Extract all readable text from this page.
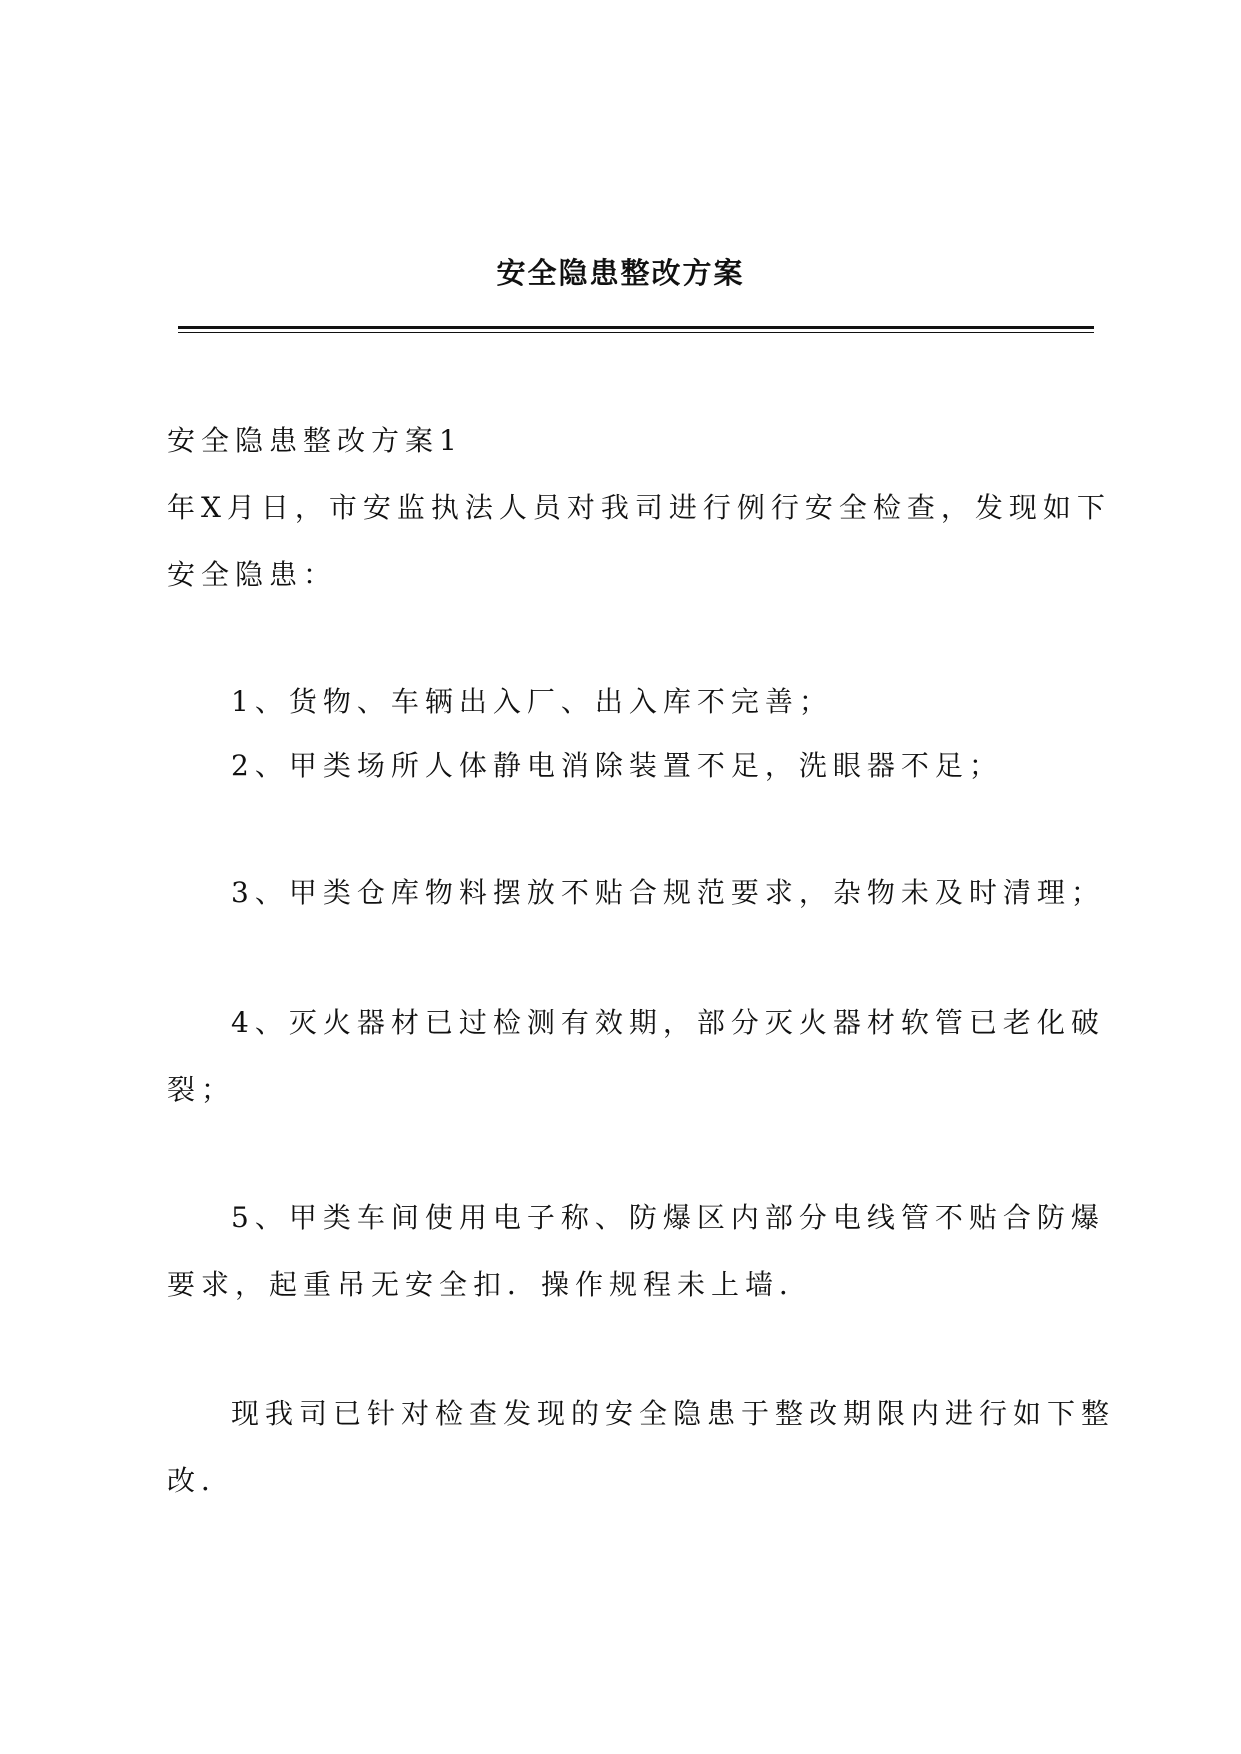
安全隐患整改方案

安全隐患整改方案1

年X月日，市安监执法人员对我司进行例行安全检查，发现如下
安全隐患：

1、货物、车辆出入厂、出入库不完善；

2、甲类场所人体静电消除装置不足，洗眼器不足；

3、甲类仓库物料摆放不贴合规范要求，杂物未及时清理；

4、灭火器材已过检测有效期，部分灭火器材软管已老化破
裂；

5、甲类车间使用电子称、防爆区内部分电线管不贴合防爆
要求，起重吊无安全扣．操作规程未上墙．

现我司已针对检查发现的安全隐患于整改期限内进行如下整
改．
